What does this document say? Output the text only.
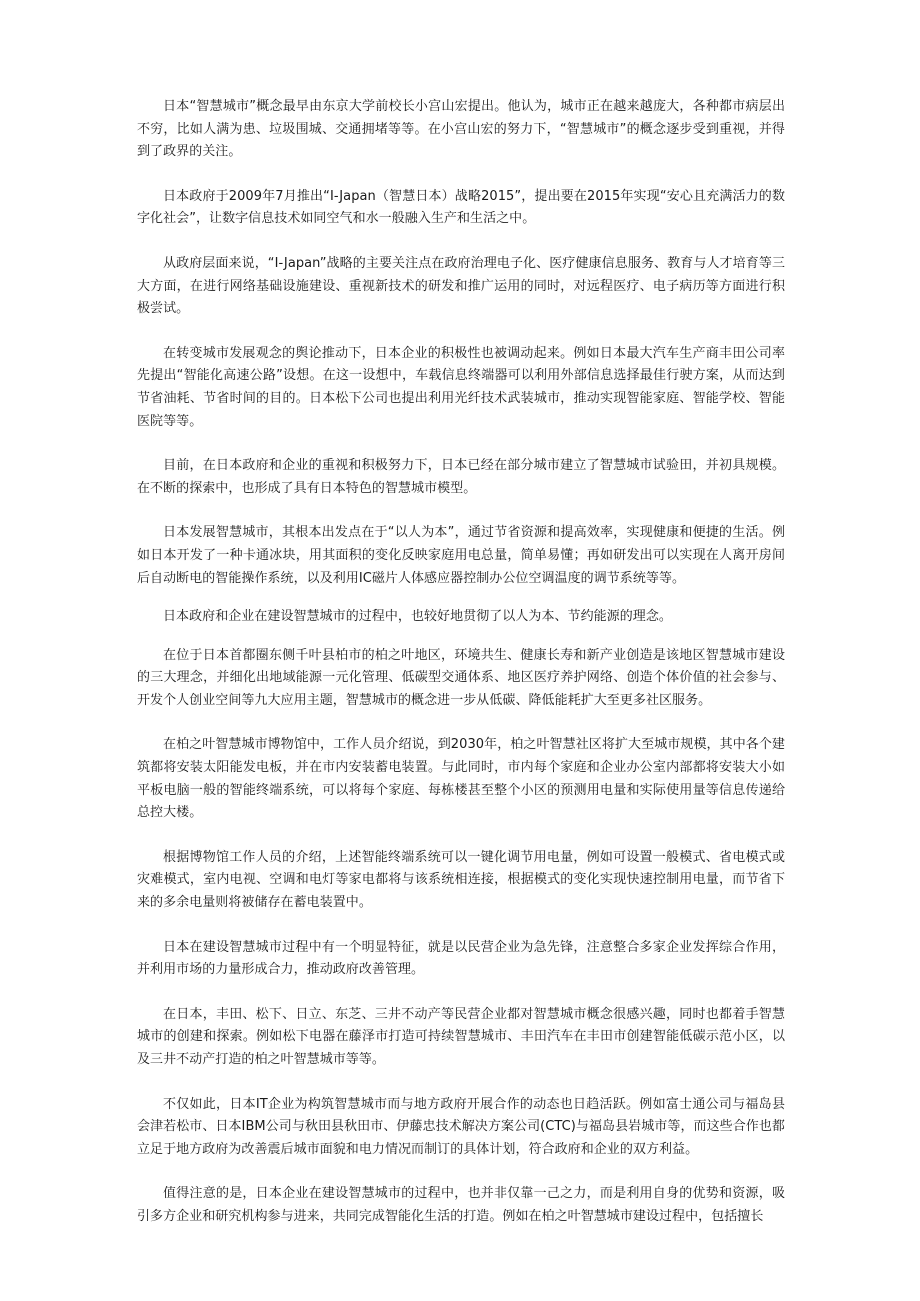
日本“智慧城市”概念最早由东京大学前校长小宫山宏提出。他认为，城市正在越来越庞大，各种都市病层出不穷，比如人满为患、垃圾围城、交通拥堵等等。在小宫山宏的努力下，“智慧城市”的概念逐步受到重视，并得到了政界的关注。

日本政府于2009年7月推出“I-Japan（智慧日本）战略2015”，提出要在2015年实现“安心且充满活力的数字化社会”，让数字信息技术如同空气和水一般融入生产和生活之中。

从政府层面来说，“I-Japan”战略的主要关注点在政府治理电子化、医疗健康信息服务、教育与人才培育等三大方面，在进行网络基础设施建设、重视新技术的研发和推广运用的同时，对远程医疗、电子病历等方面进行积极尝试。

在转变城市发展观念的舆论推动下，日本企业的积极性也被调动起来。例如日本最大汽车生产商丰田公司率先提出“智能化高速公路”设想。在这一设想中，车载信息终端器可以利用外部信息选择最佳行驶方案，从而达到节省油耗、节省时间的目的。日本松下公司也提出利用光纤技术武装城市，推动实现智能家庭、智能学校、智能医院等等。

目前，在日本政府和企业的重视和积极努力下，日本已经在部分城市建立了智慧城市试验田，并初具规模。在不断的探索中，也形成了具有日本特色的智慧城市模型。

日本发展智慧城市，其根本出发点在于“以人为本”，通过节省资源和提高效率，实现健康和便捷的生活。例如日本开发了一种卡通冰块，用其面积的变化反映家庭用电总量，简单易懂；再如研发出可以实现在人离开房间后自动断电的智能操作系统，以及利用IC磁片人体感应器控制办公位空调温度的调节系统等等。

日本政府和企业在建设智慧城市的过程中，也较好地贯彻了以人为本、节约能源的理念。

在位于日本首都圈东侧千叶县柏市的柏之叶地区，环境共生、健康长寿和新产业创造是该地区智慧城市建设的三大理念，并细化出地域能源一元化管理、低碳型交通体系、地区医疗养护网络、创造个体价值的社会参与、开发个人创业空间等九大应用主题，智慧城市的概念进一步从低碳、降低能耗扩大至更多社区服务。

在柏之叶智慧城市博物馆中，工作人员介绍说，到2030年，柏之叶智慧社区将扩大至城市规模，其中各个建筑都将安装太阳能发电板，并在市内安装蓄电装置。与此同时，市内每个家庭和企业办公室内部都将安装大小如平板电脑一般的智能终端系统，可以将每个家庭、每栋楼甚至整个小区的预测用电量和实际使用量等信息传递给总控大楼。

根据博物馆工作人员的介绍，上述智能终端系统可以一键化调节用电量，例如可设置一般模式、省电模式或灾难模式，室内电视、空调和电灯等家电都将与该系统相连接，根据模式的变化实现快速控制用电量，而节省下来的多余电量则将被储存在蓄电装置中。

日本在建设智慧城市过程中有一个明显特征，就是以民营企业为急先锋，注意整合多家企业发挥综合作用，并利用市场的力量形成合力，推动政府改善管理。

在日本，丰田、松下、日立、东芝、三井不动产等民营企业都对智慧城市概念很感兴趣，同时也都着手智慧城市的创建和探索。例如松下电器在藤泽市打造可持续智慧城市、丰田汽车在丰田市创建智能低碳示范小区，以及三井不动产打造的柏之叶智慧城市等等。

不仅如此，日本IT企业为构筑智慧城市而与地方政府开展合作的动态也日趋活跃。例如富士通公司与福岛县会津若松市、日本IBM公司与秋田县秋田市、伊藤忠技术解决方案公司(CTC)与福岛县岩城市等，而这些合作也都立足于地方政府为改善震后城市面貌和电力情况而制订的具体计划，符合政府和企业的双方利益。

值得注意的是，日本企业在建设智慧城市的过程中，也并非仅靠一己之力，而是利用自身的优势和资源，吸引多方企业和研究机构参与进来，共同完成智能化生活的打造。例如在柏之叶智慧城市建设过程中，包括擅长
